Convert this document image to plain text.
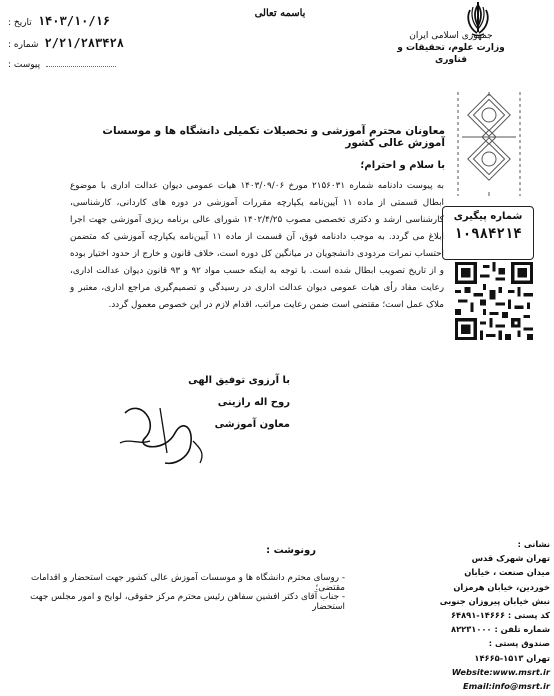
۱۴۰۳/۱۰/۱۶
تاریخ :
۲/۲۱/۲۸۳۴۲۸
شماره :
پیوست :
باسمه تعالی
جمهوری اسلامی ایران
وزارت علوم، تحقیقات و فناوری
معاونان محترم آموزشی و تحصیلات تکمیلی دانشگاه ها و موسسات آموزش عالی کشور
با سلام و احترام؛
به پیوست دادنامه شماره ۲۱۵۶۰۳۱ مورخ ۱۴۰۳/۰۹/۰۶ هیات عمومی دیوان عدالت اداری با موضوع ابطال قسمتی از ماده ۱۱ آیین‌نامه یکپارچه مقررات آموزشی در دوره های کاردانی، کارشناسی، کارشناسی ارشد و دکتری تخصصی مصوب ۱۴۰۲/۴/۲۵ شورای عالی برنامه ریزی آموزشی جهت اجرا ابلاغ می گردد. به موجب دادنامه فوق، آن قسمت از ماده ۱۱ آیین‌نامه یکپارچه آموزشی که متضمن احتساب نمرات مردودی دانشجویان در میانگین کل دوره است، خلاف قانون و خارج از حدود اختیار بوده و از تاریخ تصویب ابطال شده است. با توجه به اینکه حسب مواد ۹۲ و ۹۳ قانون دیوان عدالت اداری، رعایت مفاد رأی هیات عمومی دیوان عدالت اداری در رسیدگی و تصمیم‌گیری مراجع اداری، معتبر و ملاک عمل است؛ مقتضی است ضمن رعایت مراتب، اقدام لازم در این خصوص معمول گردد.
شماره پیگیری
۱۰۹۸۴۲۱۴
با آرزوی توفیق الهی
روح اله رازینی
معاون آموزشی
رونوشت :
- روسای محترم دانشگاه ها و موسسات آموزش عالی کشور جهت استحضار و اقدامات مقتضی؛
- جناب آقای دکتر افشین سفاهن رئیس محترم مرکز حقوقی، لوایح و امور مجلس جهت استحضار
نشانی :
تهران شهرک قدس
میدان صنعت ، خیابان
خوردین، خیابان هرمزان
نبش خیابان پیروزان جنوبی
کد پستی : ۱۴۶۶۶-۶۴۸۹۱
شماره تلفن : ۸۲۲۳۱۰۰۰
صندوق پستی :
تهران ۱۵۱۳-۱۴۶۶۵
Website:www.msrt.ir
Email:info@msrt.ir
